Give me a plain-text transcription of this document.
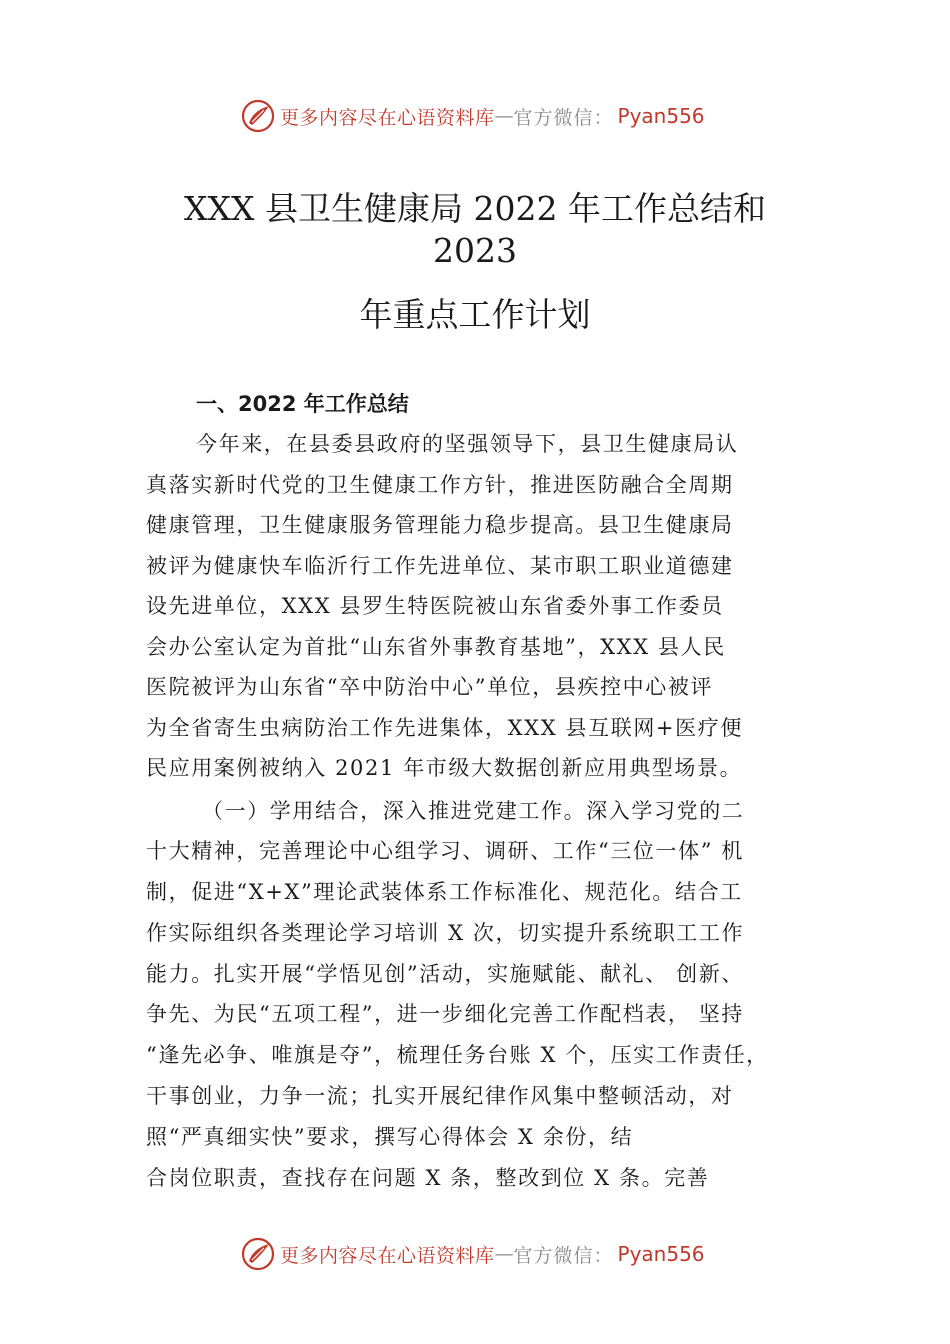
更多内容尽在心语资料库 — 官方微信： Pyan556
XXX 县卫生健康局 2022 年工作总结和
2023
年重点工作计划
一、2022 年工作总结

今年来，在县委县政府的坚强领导下，县卫生健康局认
真落实新时代党的卫生健康工作方针，推进医防融合全周期
健康管理，卫生健康服务管理能力稳步提高。县卫生健康局
被评为健康快车临沂行工作先进单位、某市职工职业道德建
设先进单位，XXX 县罗生特医院被山东省委外事工作委员
会办公室认定为首批“山东省外事教育基地”，XXX 县人民
医院被评为山东省“卒中防治中心”单位，县疾控中心被评
为全省寄生虫病防治工作先进集体，XXX 县互联网+医疗便
民应用案例被纳入 2021 年市级大数据创新应用典型场景。

（一）学用结合，深入推进党建工作。深入学习党的二
十大精神，完善理论中心组学习、调研、工作“三位一体” 机
制，促进“X+X”理论武装体系工作标准化、规范化。结合工
作实际组织各类理论学习培训 X 次，切实提升系统职工工作
能力。扎实开展“学悟见创”活动，实施赋能、献礼、 创新、
争先、为民“五项工程”，进一步细化完善工作配档表， 坚持
“逢先必争、唯旗是夺”，梳理任务台账 X 个，压实工作责任，
干事创业，力争一流；扎实开展纪律作风集中整顿活动，对
照“严真细实快”要求，撰写心得体会 X 余份，结
合岗位职责，查找存在问题 X 条，整改到位 X 条。完善

更多内容尽在心语资料库 — 官方微信： Pyan556
